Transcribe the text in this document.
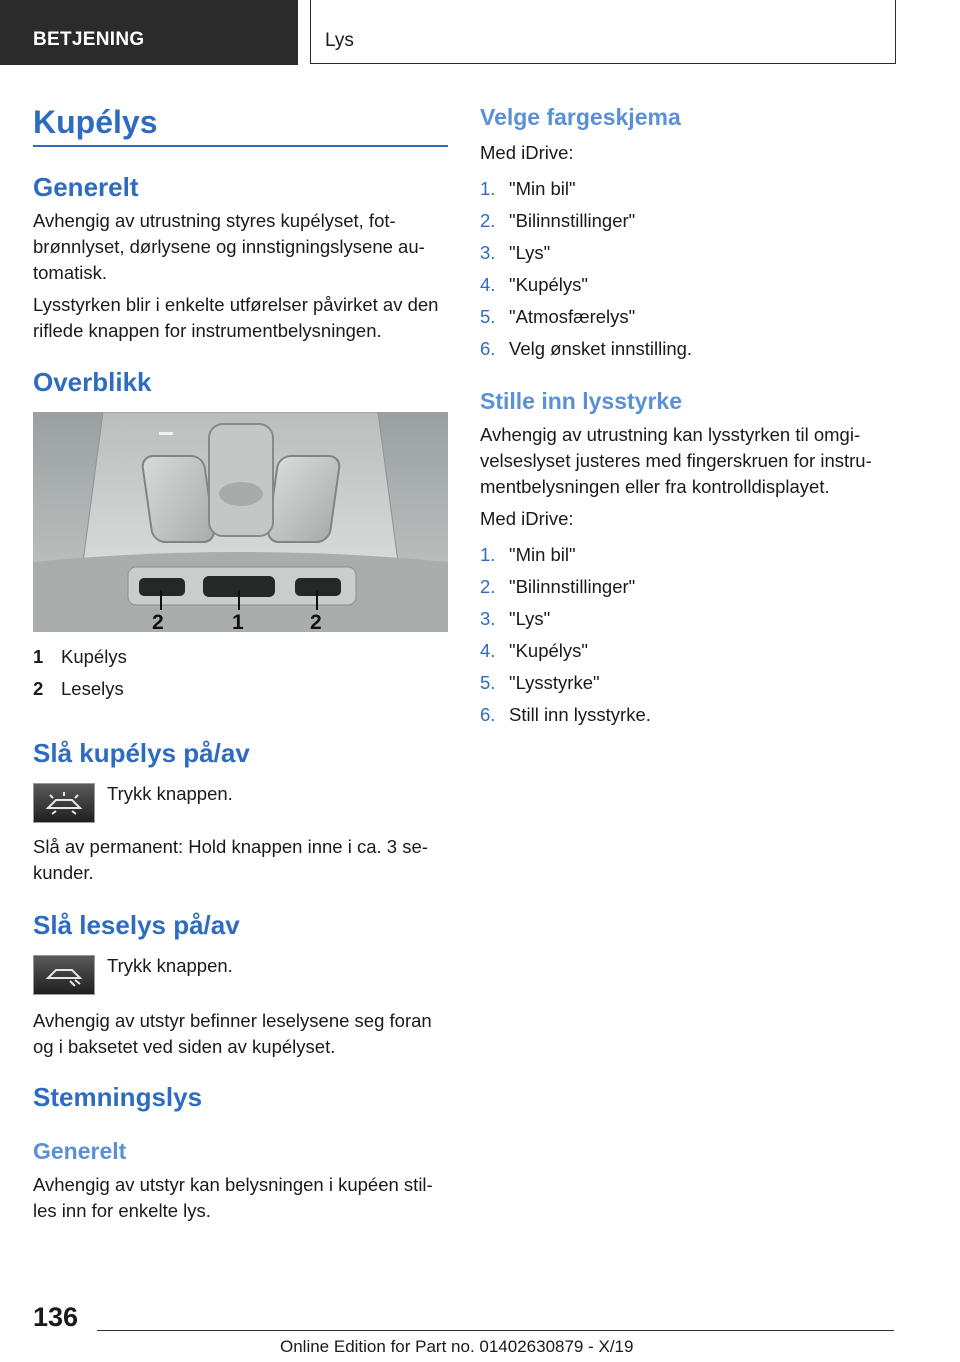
BETJENING	Lys
Kupélys
Generelt
Avhengig av utrustning styres kupélyset, fot-
brønnlyset, dørlysene og innstigningslysene au-
tomatisk.
Lysstyrken blir i enkelte utførelser påvirket av den
riflede knappen for instrumentbelysningen.
Overblikk
2	1	2
1 Kupélys
2 Leselys
Slå kupélys på/av
Trykk knappen.
Slå av permanent: Hold knappen inne i ca. 3 se-
kunder.
Slå leselys på/av
Trykk knappen.
Avhengig av utstyr befinner leselysene seg foran
og i baksetet ved siden av kupélyset.
Stemningslys
Generelt
Avhengig av utstyr kan belysningen i kupéen stil-
les inn for enkelte lys.
Velge fargeskjema
Med iDrive:
1. "Min bil"
2. "Bilinnstillinger"
3. "Lys"
4. "Kupélys"
5. "Atmosfærelys"
6. Velg ønsket innstilling.
Stille inn lysstyrke
Avhengig av utrustning kan lysstyrken til omgi-
velseslyset justeres med fingerskruen for instru-
mentbelysningen eller fra kontrolldisplayet.
Med iDrive:
1. "Min bil"
2. "Bilinnstillinger"
3. "Lys"
4. "Kupélys"
5. "Lysstyrke"
6. Still inn lysstyrke.
136
Online Edition for Part no. 01402630879 - X/19
